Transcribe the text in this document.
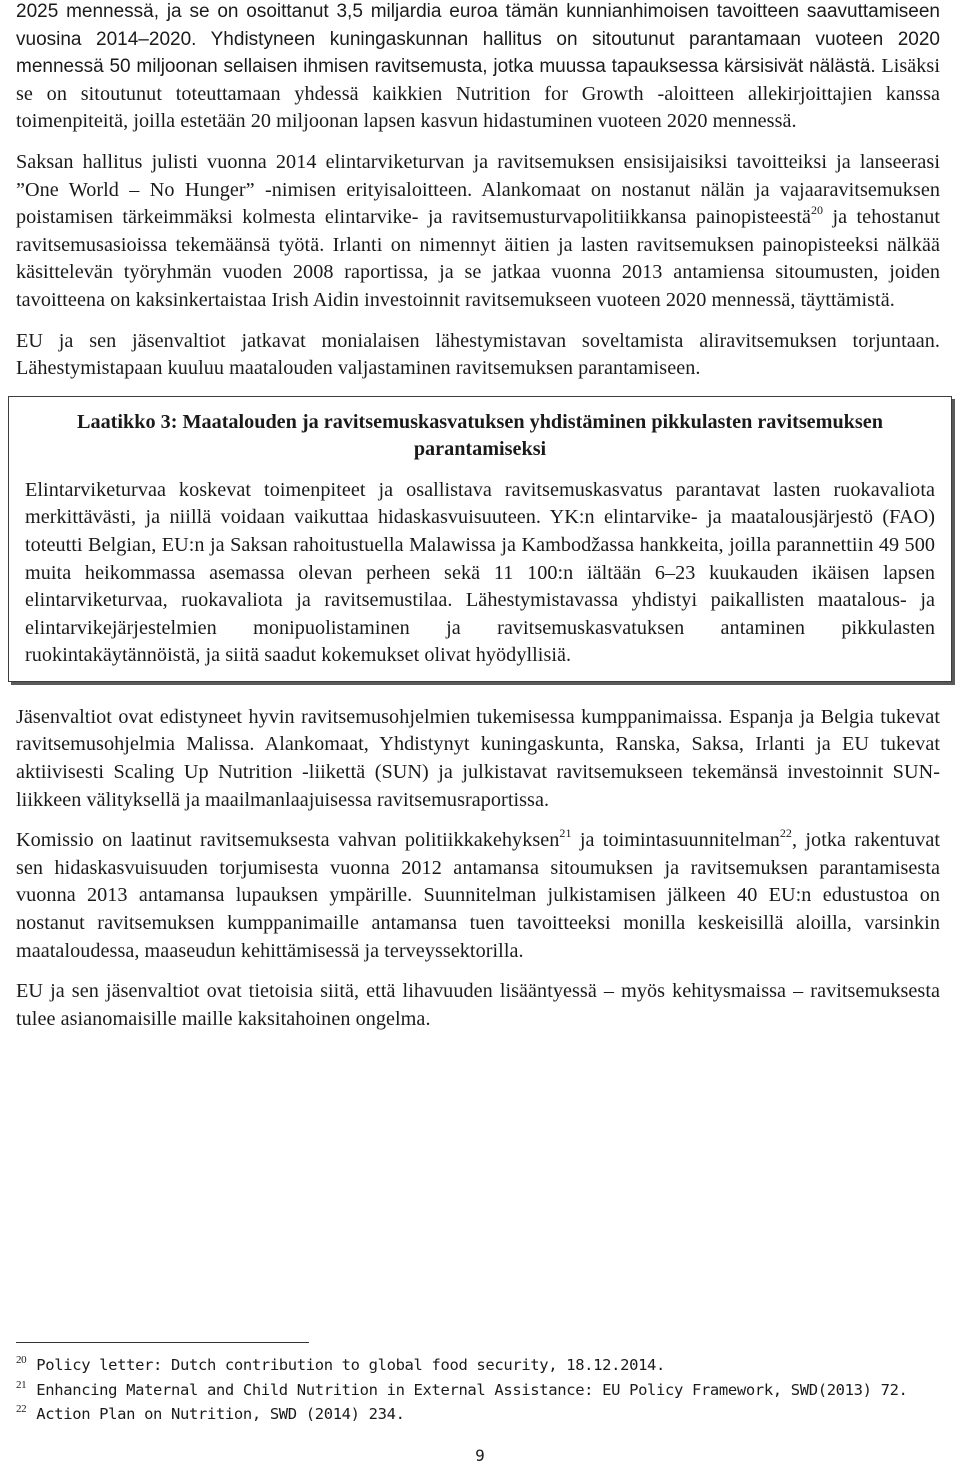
2025 mennessä, ja se on osoittanut 3,5 miljardia euroa tämän kunnianhimoisen tavoitteen saavuttamiseen vuosina 2014–2020. Yhdistyneen kuningaskunnan hallitus on sitoutunut parantamaan vuoteen 2020 mennessä 50 miljoonan sellaisen ihmisen ravitsemusta, jotka muussa tapauksessa kärsisivät nälästä. Lisäksi se on sitoutunut toteuttamaan yhdessä kaikkien Nutrition for Growth -aloitteen allekirjoittajien kanssa toimenpiteitä, joilla estetään 20 miljoonan lapsen kasvun hidastuminen vuoteen 2020 mennessä.

Saksan hallitus julisti vuonna 2014 elintarviketurvan ja ravitsemuksen ensisijaisiksi tavoitteiksi ja lanseerasi ”One World – No Hunger” -nimisen erityisaloitteen. Alankomaat on nostanut nälän ja vajaaravitsemuksen poistamisen tärkeimmäksi kolmesta elintarvike- ja ravitsemusturvapolitiikkansa painopisteestä$^{20}$ ja tehostanut ravitsemusasioissa tekemäänsä työtä. Irlanti on nimennyt äitien ja lasten ravitsemuksen painopisteeksi nälkää käsittelevän työryhmän vuoden 2008 raportissa, ja se jatkaa vuonna 2013 antamiensa sitoumusten, joiden tavoitteena on kaksinkertaistaa Irish Aidin investoinnit ravitsemukseen vuoteen 2020 mennessä, täyttämistä.

EU ja sen jäsenvaltiot jatkavat monialaisen lähestymistavan soveltamista aliravitsemuksen torjuntaan. Lähestymistapaan kuuluu maatalouden valjastaminen ravitsemuksen parantamiseen.

Laatikko 3: Maatalouden ja ravitsemuskasvatuksen yhdistäminen pikkulasten ravitsemuksen parantamiseksi

Elintarviketurvaa koskevat toimenpiteet ja osallistava ravitsemuskasvatus parantavat lasten ruokavaliota merkittävästi, ja niillä voidaan vaikuttaa hidaskasvuisuuteen. YK:n elintarvike- ja maatalousjärjestö (FAO) toteutti Belgian, EU:n ja Saksan rahoitustuella Malawissa ja Kambodžassa hankkeita, joilla parannettiin 49 500 muita heikommassa asemassa olevan perheen sekä 11 100:n iältään 6–23 kuukauden ikäisen lapsen elintarviketurvaa, ruokavaliota ja ravitsemustilaa. Lähestymistavassa yhdistyi paikallisten maatalous- ja elintarvikejärjestelmien monipuolistaminen ja ravitsemuskasvatuksen antaminen pikkulasten ruokintakäytännöistä, ja siitä saadut kokemukset olivat hyödyllisiä.

Jäsenvaltiot ovat edistyneet hyvin ravitsemusohjelmien tukemisessa kumppanimaissa. Espanja ja Belgia tukevat ravitsemusohjelmia Malissa. Alankomaat, Yhdistynyt kuningaskunta, Ranska, Saksa, Irlanti ja EU tukevat aktiivisesti Scaling Up Nutrition -liikettä (SUN) ja julkistavat ravitsemukseen tekemänsä investoinnit SUN-liikkeen välityksellä ja maailmanlaajuisessa ravitsemusraportissa.

Komissio on laatinut ravitsemuksesta vahvan politiikkakehyksen$^{21}$ ja toimintasuunnitelman$^{22}$, jotka rakentuvat sen hidaskasvuisuuden torjumisesta vuonna 2012 antamansa sitoumuksen ja ravitsemuksen parantamisesta vuonna 2013 antamansa lupauksen ympärille. Suunnitelman julkistamisen jälkeen 40 EU:n edustustoa on nostanut ravitsemuksen kumppanimaille antamansa tuen tavoitteeksi monilla keskeisillä aloilla, varsinkin maataloudessa, maaseudun kehittämisessä ja terveyssektorilla.

EU ja sen jäsenvaltiot ovat tietoisia siitä, että lihavuuden lisääntyessä – myös kehitysmaissa – ravitsemuksesta tulee asianomaisille maille kaksitahoinen ongelma.

$^{20}$ Policy letter: Dutch contribution to global food security, 18.12.2014.

$^{21}$ Enhancing Maternal and Child Nutrition in External Assistance: EU Policy Framework, SWD(2013) 72.

$^{22}$ Action Plan on Nutrition, SWD (2014) 234.

9
